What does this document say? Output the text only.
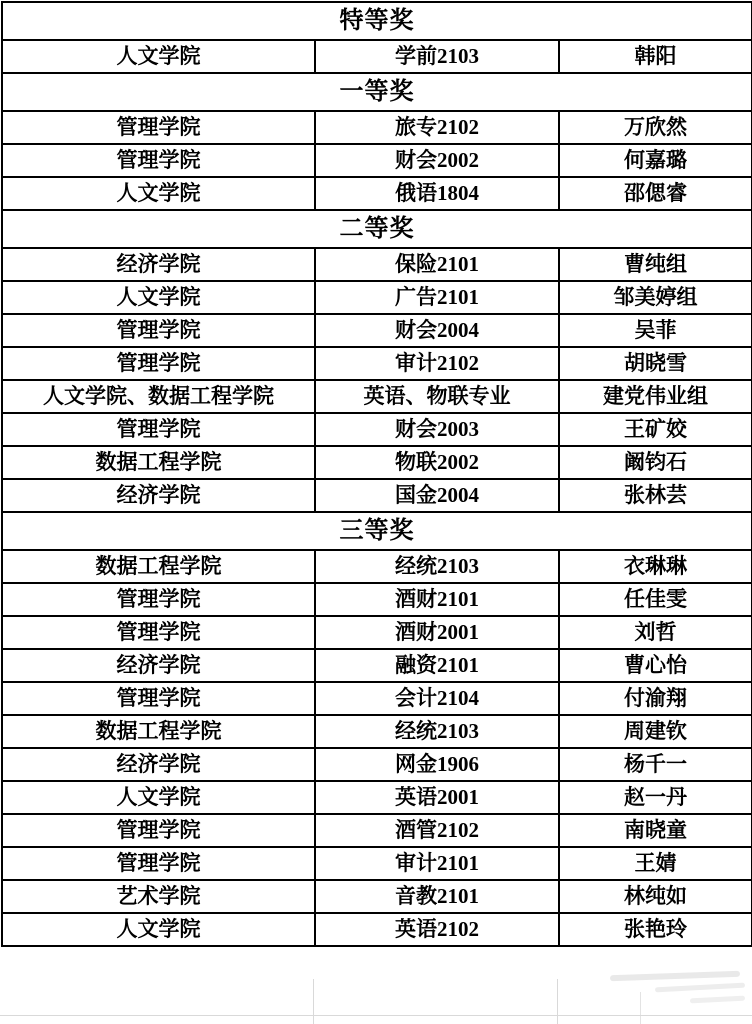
特等奖		
人文学院	学前2103	韩阳
一等奖		
管理学院	旅专2102	万欣然
管理学院	财会2002	何嘉璐
人文学院	俄语1804	邵偲睿
二等奖		
经济学院	保险2101	曹纯组
人文学院	广告2101	邹美婷组
管理学院	财会2004	吴菲
管理学院	审计2102	胡晓雪
人文学院、数据工程学院	英语、物联专业	建党伟业组
管理学院	财会2003	王矿姣
数据工程学院	物联2002	阚钧石
经济学院	国金2004	张林芸
三等奖		
数据工程学院	经统2103	衣琳琳
管理学院	酒财2101	任佳雯
管理学院	酒财2001	刘哲
经济学院	融资2101	曹心怡
管理学院	会计2104	付渝翔
数据工程学院	经统2103	周建钦
经济学院	网金1906	杨千一
人文学院	英语2001	赵一丹
管理学院	酒管2102	南晓童
管理学院	审计2101	王婧
艺术学院	音教2101	林纯如
人文学院	英语2102	张艳玲
